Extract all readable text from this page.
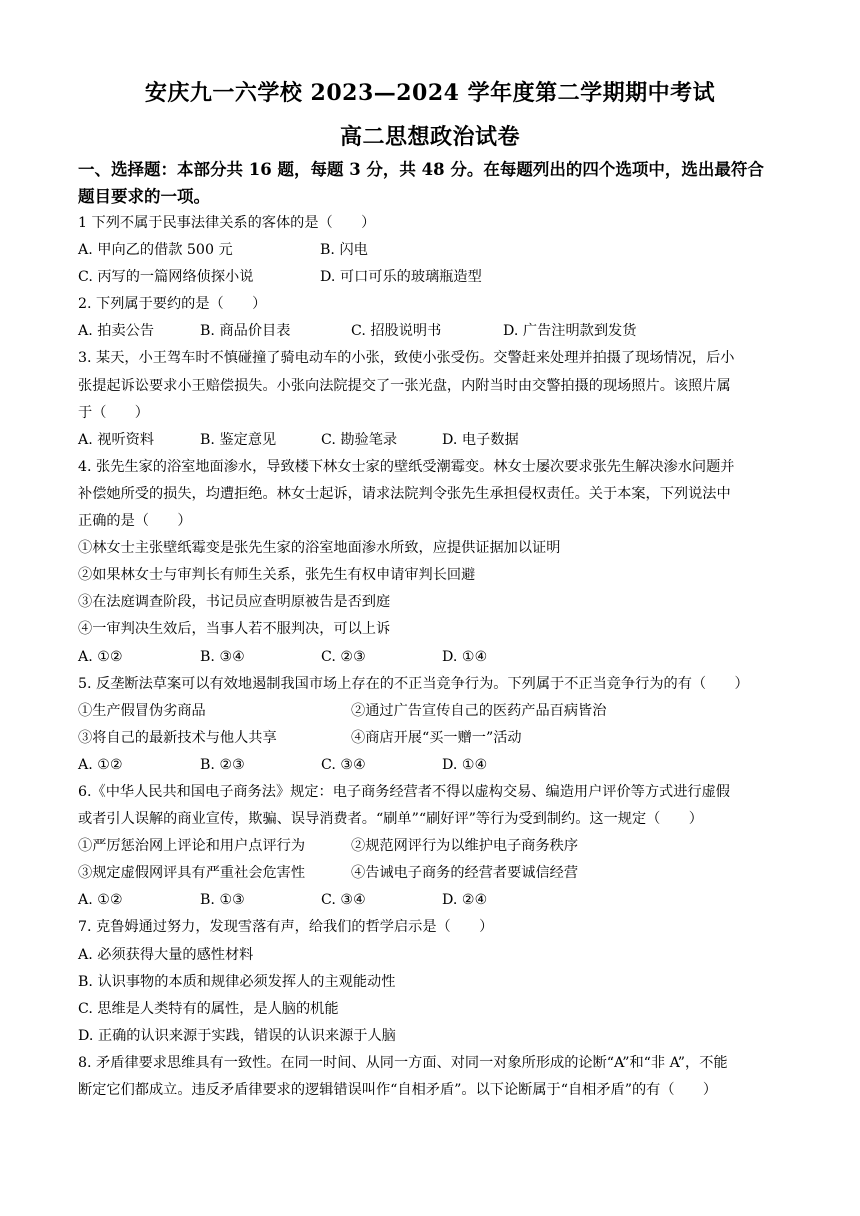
安庆九一六学校 2023—2024 学年度第二学期期中考试
高二思想政治试卷
一、选择题：本部分共 16 题，每题 3 分，共 48 分。在每题列出的四个选项中，选出最符合
题目要求的一项。
1 下列不属于民事法律关系的客体的是（　　）
A. 甲向乙的借款 500 元	B. 闪电
C. 丙写的一篇网络侦探小说	D. 可口可乐的玻璃瓶造型
2. 下列属于要约的是（　　）
A. 拍卖公告	B. 商品价目表	C. 招股说明书	D. 广告注明款到发货
3. 某天，小王驾车时不慎碰撞了骑电动车的小张，致使小张受伤。交警赶来处理并拍摄了现场情况，后小
张提起诉讼要求小王赔偿损失。小张向法院提交了一张光盘，内附当时由交警拍摄的现场照片。该照片属
于（　　）
A. 视听资料	B. 鉴定意见	C. 勘验笔录	D. 电子数据
4. 张先生家的浴室地面渗水，导致楼下林女士家的壁纸受潮霉变。林女士屡次要求张先生解决渗水问题并
补偿她所受的损失，均遭拒绝。林女士起诉，请求法院判令张先生承担侵权责任。关于本案，下列说法中
正确的是（　　）
①林女士主张壁纸霉变是张先生家的浴室地面渗水所致，应提供证据加以证明
②如果林女士与审判长有师生关系，张先生有权申请审判长回避
③在法庭调查阶段，书记员应查明原被告是否到庭
④一审判决生效后，当事人若不服判决，可以上诉
A. ①②	B. ③④	C. ②③	D. ①④
5. 反垄断法草案可以有效地遏制我国市场上存在的不正当竞争行为。下列属于不正当竞争行为的有（　　）
①生产假冒伪劣商品	②通过广告宣传自己的医药产品百病皆治
③将自己的最新技术与他人共享	④商店开展“买一赠一”活动
A. ①②	B. ②③	C. ③④	D. ①④
6.《中华人民共和国电子商务法》规定：电子商务经营者不得以虚构交易、编造用户评价等方式进行虚假
或者引人误解的商业宣传，欺骗、误导消费者。“刷单”“刷好评”等行为受到制约。这一规定（　　）
①严厉惩治网上评论和用户点评行为	②规范网评行为以维护电子商务秩序
③规定虚假网评具有严重社会危害性	④告诫电子商务的经营者要诚信经营
A. ①②	B. ①③	C. ③④	D. ②④
7. 克鲁姆通过努力，发现雪落有声，给我们的哲学启示是（　　）
A. 必须获得大量的感性材料
B. 认识事物的本质和规律必须发挥人的主观能动性
C. 思维是人类特有的属性，是人脑的机能
D. 正确的认识来源于实践，错误的认识来源于人脑
8. 矛盾律要求思维具有一致性。在同一时间、从同一方面、对同一对象所形成的论断“A”和“非 A”，不能
断定它们都成立。违反矛盾律要求的逻辑错误叫作“自相矛盾”。以下论断属于“自相矛盾”的有（　　）
